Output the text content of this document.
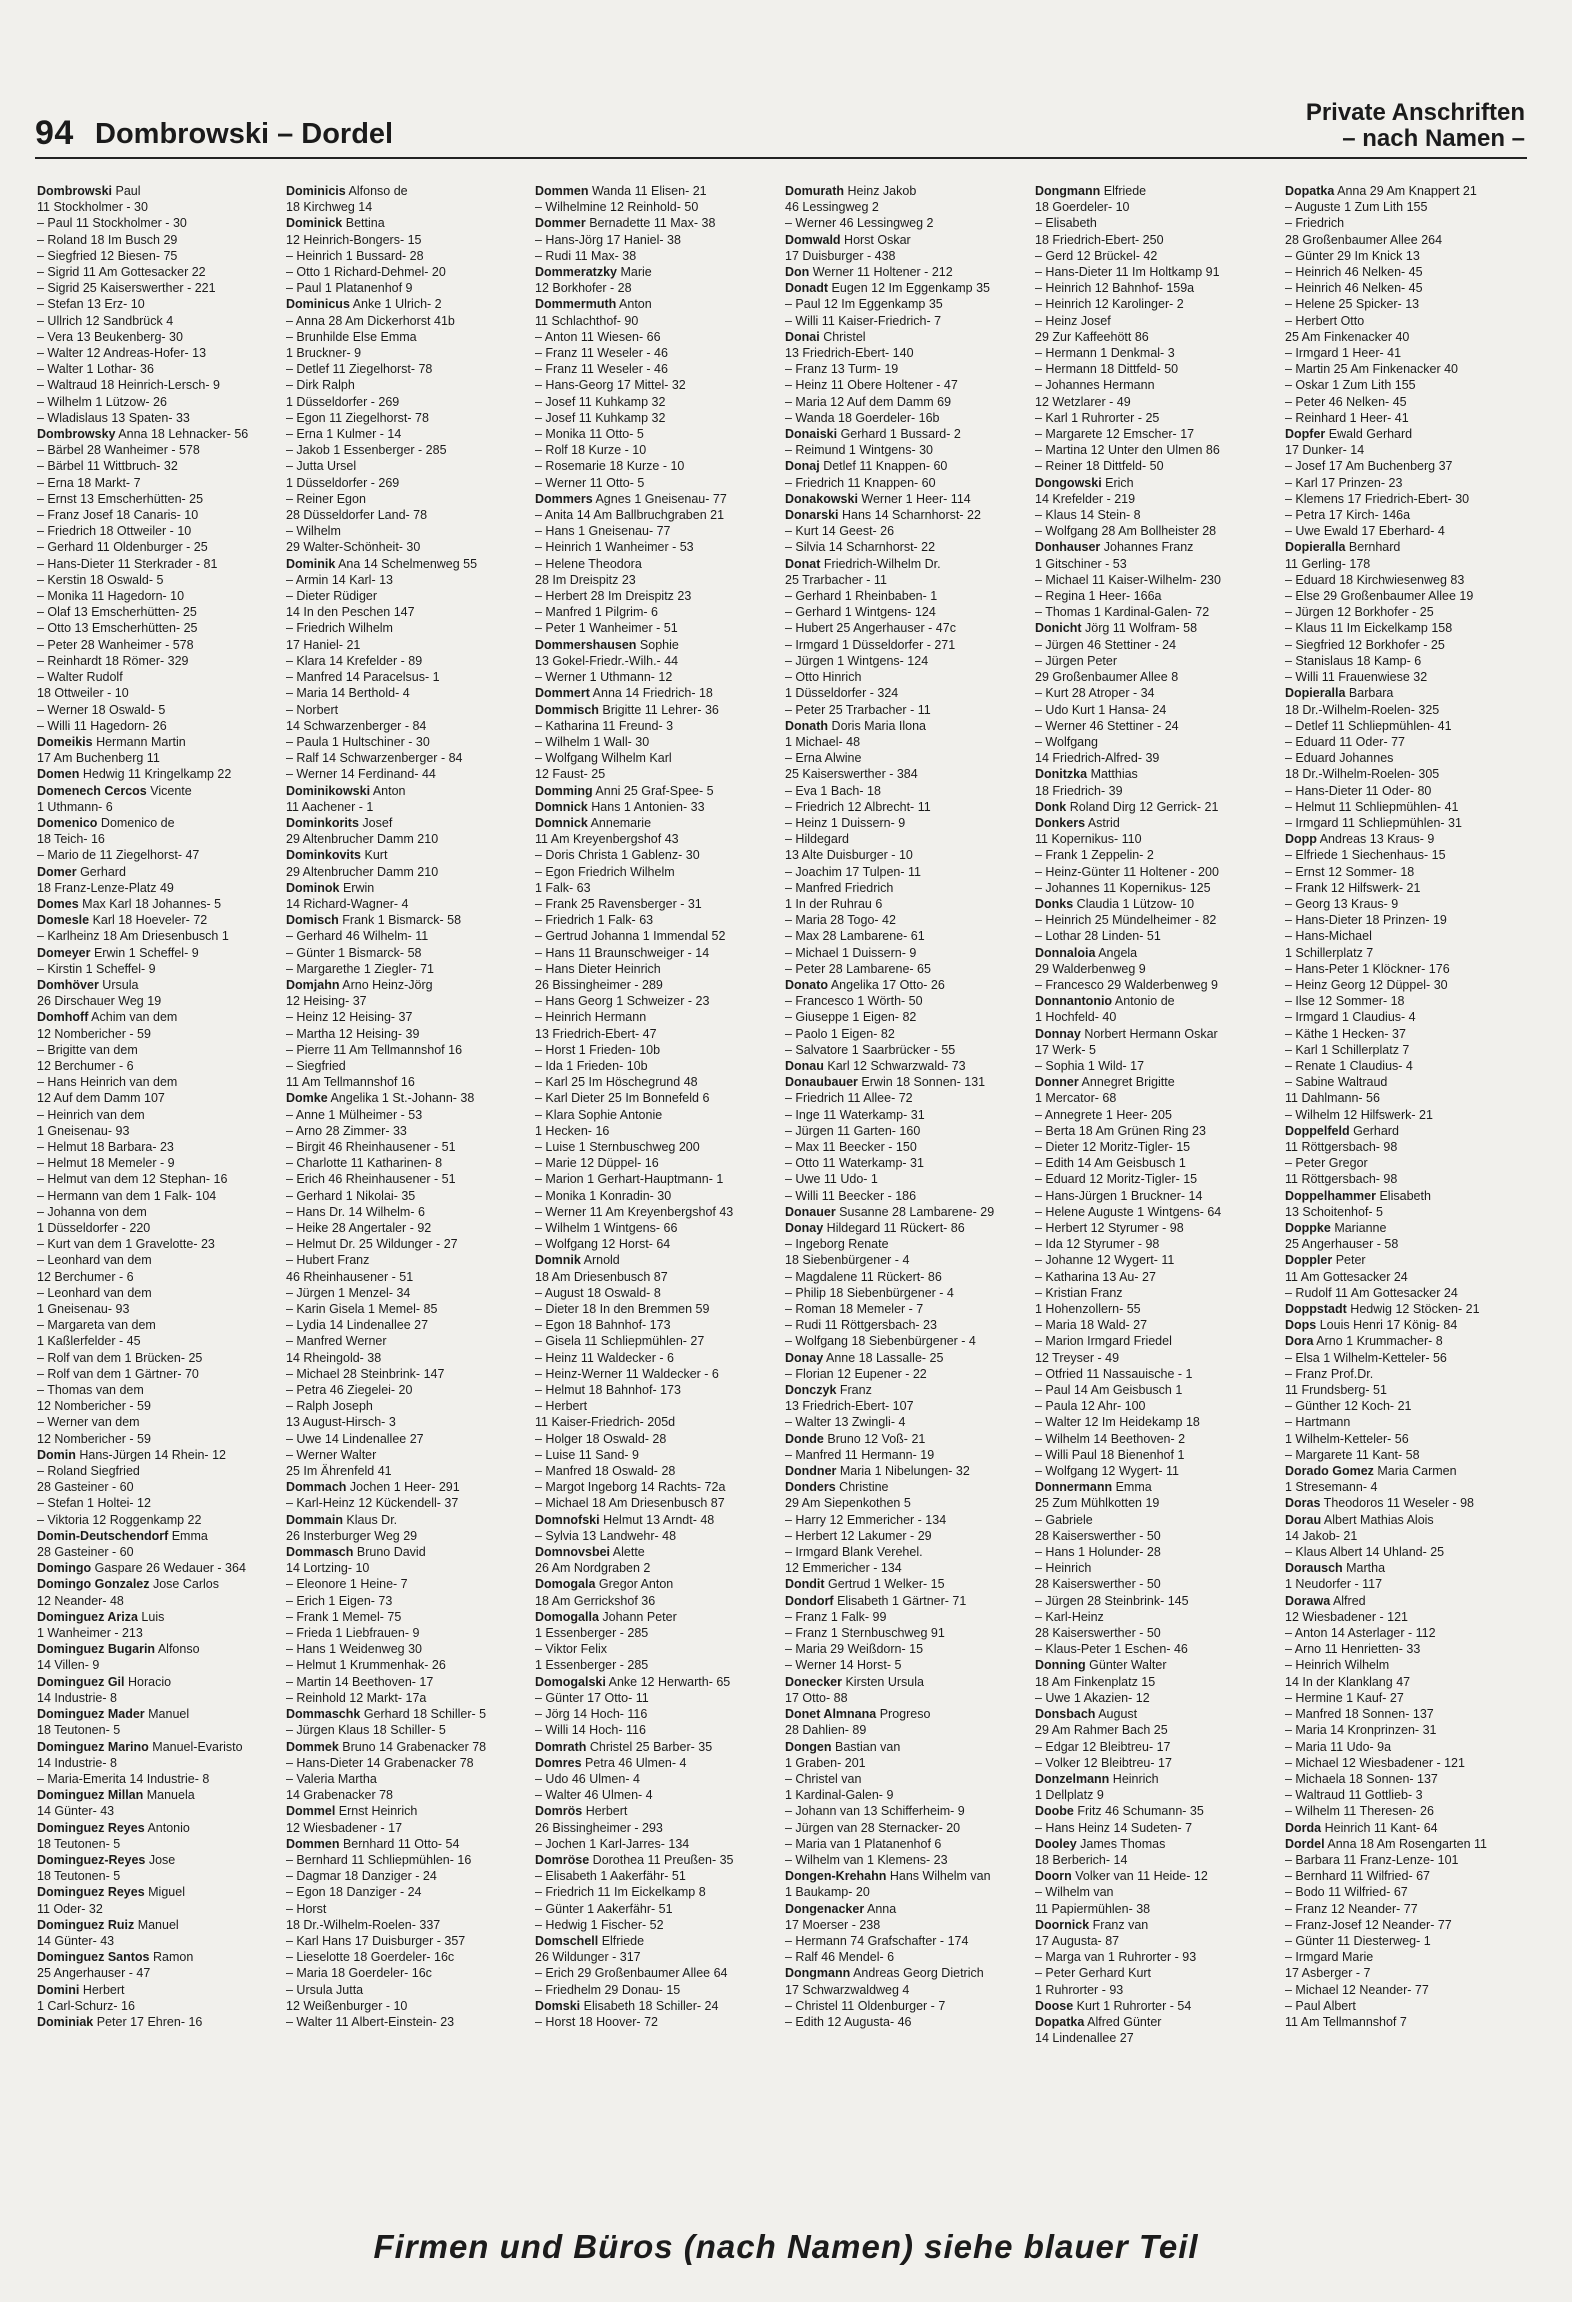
94 Dombrowski – Dordel
Private Anschriften
– nach Namen –
Dombrowski Paul
11 Stockholmer - 30
– Paul 11 Stockholmer - 30
– Roland 18 Im Busch 29
– Siegfried 12 Biesen- 75
– Sigrid 11 Am Gottesacker 22
– Sigrid 25 Kaiserswerther - 221
– Stefan 13 Erz- 10
– Ullrich 12 Sandbrück 4
– Vera 13 Beukenberg- 30
– Walter 12 Andreas-Hofer- 13
– Walter 1 Lothar- 36
– Waltraud 18 Heinrich-Lersch- 9
– Wilhelm 1 Lützow- 26
– Wladislaus 13 Spaten- 33
Dombrowsky Anna 18 Lehnacker- 56
– Bärbel 28 Wanheimer - 578
– Bärbel 11 Wittbruch- 32
– Erna 18 Markt- 7
– Ernst 13 Emscherhütten- 25
– Franz Josef 18 Canaris- 10
– Friedrich 18 Ottweiler - 10
– Gerhard 11 Oldenburger - 25
– Hans-Dieter 11 Sterkrader - 81
– Kerstin 18 Oswald- 5
– Monika 11 Hagedorn- 10
– Olaf 13 Emscherhütten- 25
– Otto 13 Emscherhütten- 25
– Peter 28 Wanheimer - 578
– Reinhardt 18 Römer- 329
– Walter Rudolf
18 Ottweiler - 10
– Werner 18 Oswald- 5
– Willi 11 Hagedorn- 26
Domeikis Hermann Martin
17 Am Buchenberg 11
Domen Hedwig 11 Kringelkamp 22
Domenech Cercos Vicente
1 Uthmann- 6
Domenico Domenico de
18 Teich- 16
– Mario de 11 Ziegelhorst- 47
Domer Gerhard
18 Franz-Lenze-Platz 49
Domes Max Karl 18 Johannes- 5
Domesle Karl 18 Hoeveler- 72
– Karlheinz 18 Am Driesenbusch 1
Domeyer Erwin 1 Scheffel- 9
– Kirstin 1 Scheffel- 9
Domhöver Ursula
26 Dirschauer Weg 19
Domhoff Achim van dem
12 Nombericher - 59
– Brigitte van dem
12 Berchumer - 6
– Hans Heinrich van dem
12 Auf dem Damm 107
– Heinrich van dem
1 Gneisenau- 93
– Helmut 18 Barbara- 23
– Helmut 18 Memeler - 9
– Helmut van dem 12 Stephan- 16
– Hermann van dem 1 Falk- 104
– Johanna von dem
1 Düsseldorfer - 220
– Kurt van dem 1 Gravelotte- 23
– Leonhard van dem
12 Berchumer - 6
– Leonhard van dem
1 Gneisenau- 93
– Margareta van dem
1 Kaßlerfelder - 45
– Rolf van dem 1 Brücken- 25
– Rolf van dem 1 Gärtner- 70
– Thomas van dem
12 Nombericher - 59
– Werner van dem
12 Nombericher - 59
Domin Hans-Jürgen 14 Rhein- 12
– Roland Siegfried
28 Gasteiner - 60
– Stefan 1 Holtei- 12
– Viktoria 12 Roggenkamp 22
Domin-Deutschendorf Emma
28 Gasteiner - 60
Domingo Gaspare 26 Wedauer - 364
Domingo Gonzalez Jose Carlos
12 Neander- 48
Dominguez Ariza Luis
1 Wanheimer - 213
Dominguez Bugarin Alfonso
14 Villen- 9
Dominguez Gil Horacio
14 Industrie- 8
Dominguez Mader Manuel
18 Teutonen- 5
Dominguez Marino Manuel-Evaristo
14 Industrie- 8
– Maria-Emerita 14 Industrie- 8
Dominguez Millan Manuela
14 Günter- 43
Dominguez Reyes Antonio
18 Teutonen- 5
Dominguez-Reyes Jose
18 Teutonen- 5
Dominguez Reyes Miguel
11 Oder- 32
Dominguez Ruiz Manuel
14 Günter- 43
Dominguez Santos Ramon
25 Angerhauser - 47
Domini Herbert
1 Carl-Schurz- 16
Dominiak Peter 17 Ehren- 16
Dominicis Alfonso de
18 Kirchweg 14
Dominick Bettina
12 Heinrich-Bongers- 15
– Heinrich 1 Bussard- 28
– Otto 1 Richard-Dehmel- 20
– Paul 1 Platanenhof 9
Dominicus Anke 1 Ulrich- 2
– Anna 28 Am Dickerhorst 41b
– Brunhilde Else Emma
1 Bruckner- 9
– Detlef 11 Ziegelhorst- 78
– Dirk Ralph
1 Düsseldorfer - 269
– Egon 11 Ziegelhorst- 78
– Erna 1 Kulmer - 14
– Jakob 1 Essenberger - 285
– Jutta Ursel
1 Düsseldorfer - 269
– Reiner Egon
28 Düsseldorfer Land- 78
– Wilhelm
29 Walter-Schönheit- 30
Dominik Ana 14 Schelmenweg 55
– Armin 14 Karl- 13
– Dieter Rüdiger
14 In den Peschen 147
– Friedrich Wilhelm
17 Haniel- 21
– Klara 14 Krefelder - 89
– Manfred 14 Paracelsus- 1
– Maria 14 Berthold- 4
– Norbert
14 Schwarzenberger - 84
– Paula 1 Hultschiner - 30
– Ralf 14 Schwarzenberger - 84
– Werner 14 Ferdinand- 44
Dominikowski Anton
11 Aachener - 1
Dominkorits Josef
29 Altenbrucher Damm 210
Dominkovits Kurt
29 Altenbrucher Damm 210
Dominok Erwin
14 Richard-Wagner- 4
Domisch Frank 1 Bismarck- 58
– Gerhard 46 Wilhelm- 11
– Günter 1 Bismarck- 58
– Margarethe 1 Ziegler- 71
Domjahn Arno Heinz-Jörg
12 Heising- 37
– Heinz 12 Heising- 37
– Martha 12 Heising- 39
– Pierre 11 Am Tellmannshof 16
– Siegfried
11 Am Tellmannshof 16
Domke Angelika 1 St.-Johann- 38
– Anne 1 Mülheimer - 53
– Arno 28 Zimmer- 33
– Birgit 46 Rheinhausener - 51
– Charlotte 11 Katharinen- 8
– Erich 46 Rheinhausener - 51
– Gerhard 1 Nikolai- 35
– Hans Dr. 14 Wilhelm- 6
– Heike 28 Angertaler - 92
– Helmut Dr. 25 Wildunger - 27
– Hubert Franz
46 Rheinhausener - 51
– Jürgen 1 Menzel- 34
– Karin Gisela 1 Memel- 85
– Lydia 14 Lindenallee 27
– Manfred Werner
14 Rheingold- 38
– Michael 28 Steinbrink- 147
– Petra 46 Ziegelei- 20
– Ralph Joseph
13 August-Hirsch- 3
– Uwe 14 Lindenallee 27
– Werner Walter
25 Im Ährenfeld 41
Dommach Jochen 1 Heer- 291
– Karl-Heinz 12 Kückendell- 37
Dommain Klaus Dr.
26 Insterburger Weg 29
Dommasch Bruno David
14 Lortzing- 10
– Eleonore 1 Heine- 7
– Erich 1 Eigen- 73
– Frank 1 Memel- 75
– Frieda 1 Liebfrauen- 9
– Hans 1 Weidenweg 30
– Helmut 1 Krummenhak- 26
– Martin 14 Beethoven- 17
– Reinhold 12 Markt- 17a
Dommaschk Gerhard 18 Schiller- 5
– Jürgen Klaus 18 Schiller- 5
Dommek Bruno 14 Grabenacker 78
– Hans-Dieter 14 Grabenacker 78
– Valeria Martha
14 Grabenacker 78
Dommel Ernst Heinrich
12 Wiesbadener - 17
Dommen Bernhard 11 Otto- 54
– Bernhard 11 Schliepmühlen- 16
– Dagmar 18 Danziger - 24
– Egon 18 Danziger - 24
– Horst
18 Dr.-Wilhelm-Roelen- 337
– Karl Hans 17 Duisburger - 357
– Lieselotte 18 Goerdeler- 16c
– Maria 18 Goerdeler- 16c
– Ursula Jutta
12 Weißenburger - 10
– Walter 11 Albert-Einstein- 23
Dommen Wanda 11 Elisen- 21
– Wilhelmine 12 Reinhold- 50
Dommer Bernadette 11 Max- 38
– Hans-Jörg 17 Haniel- 38
– Rudi 11 Max- 38
Dommeratzky Marie
12 Borkhofer - 28
Dommermuth Anton
11 Schlachthof- 90
– Anton 11 Wiesen- 66
– Franz 11 Weseler - 46
– Franz 11 Weseler - 46
– Hans-Georg 17 Mittel- 32
– Josef 11 Kuhkamp 32
– Josef 11 Kuhkamp 32
– Monika 11 Otto- 5
– Rolf 18 Kurze - 10
– Rosemarie 18 Kurze - 10
– Werner 11 Otto- 5
Dommers Agnes 1 Gneisenau- 77
– Anita 14 Am Ballbruchgraben 21
– Hans 1 Gneisenau- 77
– Heinrich 1 Wanheimer - 53
– Helene Theodora
28 Im Dreispitz 23
– Herbert 28 Im Dreispitz 23
– Manfred 1 Pilgrim- 6
– Peter 1 Wanheimer - 51
Dommershausen Sophie
13 Gokel-Friedr.-Wilh.- 44
– Werner 1 Uthmann- 12
Dommert Anna 14 Friedrich- 18
Dommisch Brigitte 11 Lehrer- 36
– Katharina 11 Freund- 3
– Wilhelm 1 Wall- 30
– Wolfgang Wilhelm Karl
12 Faust- 25
Domming Anni 25 Graf-Spee- 5
Domnick Hans 1 Antonien- 33
Domnick Annemarie
11 Am Kreyenbergshof 43
– Doris Christa 1 Gablenz- 30
– Egon Friedrich Wilhelm
1 Falk- 63
– Frank 25 Ravensberger - 31
– Friedrich 1 Falk- 63
– Gertrud Johanna 1 Immendal 52
– Hans 11 Braunschweiger - 14
– Hans Dieter Heinrich
26 Bissingheimer - 289
– Hans Georg 1 Schweizer - 23
– Heinrich Hermann
13 Friedrich-Ebert- 47
– Horst 1 Frieden- 10b
– Ida 1 Frieden- 10b
– Karl 25 Im Höschegrund 48
– Karl Dieter 25 Im Bonnefeld 6
– Klara Sophie Antonie
1 Hecken- 16
– Luise 1 Sternbuschweg 200
– Marie 12 Düppel- 16
– Marion 1 Gerhart-Hauptmann- 1
– Monika 1 Konradin- 30
– Werner 11 Am Kreyenbergshof 43
– Wilhelm 1 Wintgens- 66
– Wolfgang 12 Horst- 64
Domnik Arnold
18 Am Driesenbusch 87
– August 18 Oswald- 8
– Dieter 18 In den Bremmen 59
– Egon 18 Bahnhof- 173
– Gisela 11 Schliepmühlen- 27
– Heinz 11 Waldecker - 6
– Heinz-Werner 11 Waldecker - 6
– Helmut 18 Bahnhof- 173
– Herbert
11 Kaiser-Friedrich- 205d
– Holger 18 Oswald- 28
– Luise 11 Sand- 9
– Manfred 18 Oswald- 28
– Margot Ingeborg 14 Rachts- 72a
– Michael 18 Am Driesenbusch 87
Domnofski Helmut 13 Arndt- 48
– Sylvia 13 Landwehr- 48
Domnovsbei Alette
26 Am Nordgraben 2
Domogala Gregor Anton
18 Am Gerrickshof 36
Domogalla Johann Peter
1 Essenberger - 285
– Viktor Felix
1 Essenberger - 285
Domogalski Anke 12 Herwarth- 65
– Günter 17 Otto- 11
– Jörg 14 Hoch- 116
– Willi 14 Hoch- 116
Domrath Christel 25 Barber- 35
Domres Petra 46 Ulmen- 4
– Udo 46 Ulmen- 4
– Walter 46 Ulmen- 4
Domrös Herbert
26 Bissingheimer - 293
– Jochen 1 Karl-Jarres- 134
Domröse Dorothea 11 Preußen- 35
– Elisabeth 1 Aakerfähr- 51
– Friedrich 11 Im Eickelkamp 8
– Günter 1 Aakerfähr- 51
– Hedwig 1 Fischer- 52
Domschell Elfriede
26 Wildunger - 317
– Erich 29 Großenbaumer Allee 64
– Friedhelm 29 Donau- 15
Domski Elisabeth 18 Schiller- 24
– Horst 18 Hoover- 72
Domurath Heinz Jakob
46 Lessingweg 2
– Werner 46 Lessingweg 2
Domwald Horst Oskar
17 Duisburger - 438
Don Werner 11 Holtener - 212
Donadt Eugen 12 Im Eggenkamp 35
– Paul 12 Im Eggenkamp 35
– Willi 11 Kaiser-Friedrich- 7
Donai Christel
13 Friedrich-Ebert- 140
– Franz 13 Turm- 19
– Heinz 11 Obere Holtener - 47
– Maria 12 Auf dem Damm 69
– Wanda 18 Goerdeler- 16b
Donaiski Gerhard 1 Bussard- 2
– Reimund 1 Wintgens- 30
Donaj Detlef 11 Knappen- 60
– Friedrich 11 Knappen- 60
Donakowski Werner 1 Heer- 114
Donarski Hans 14 Scharnhorst- 22
– Kurt 14 Geest- 26
– Silvia 14 Scharnhorst- 22
Donat Friedrich-Wilhelm Dr.
25 Trarbacher - 11
– Gerhard 1 Rheinbaben- 1
– Gerhard 1 Wintgens- 124
– Hubert 25 Angerhauser - 47c
– Irmgard 1 Düsseldorfer - 271
– Jürgen 1 Wintgens- 124
– Otto Hinrich
1 Düsseldorfer - 324
– Peter 25 Trarbacher - 11
Donath Doris Maria Ilona
1 Michael- 48
– Erna Alwine
25 Kaiserswerther - 384
– Eva 1 Bach- 18
– Friedrich 12 Albrecht- 11
– Heinz 1 Duissern- 9
– Hildegard
13 Alte Duisburger - 10
– Joachim 17 Tulpen- 11
– Manfred Friedrich
1 In der Ruhrau 6
– Maria 28 Togo- 42
– Max 28 Lambarene- 61
– Michael 1 Duissern- 9
– Peter 28 Lambarene- 65
Donato Angelika 17 Otto- 26
– Francesco 1 Wörth- 50
– Giuseppe 1 Eigen- 82
– Paolo 1 Eigen- 82
– Salvatore 1 Saarbrücker - 55
Donau Karl 12 Schwarzwald- 73
Donaubauer Erwin 18 Sonnen- 131
– Friedrich 11 Allee- 72
– Inge 11 Waterkamp- 31
– Jürgen 11 Garten- 160
– Max 11 Beecker - 150
– Otto 11 Waterkamp- 31
– Uwe 11 Udo- 1
– Willi 11 Beecker - 186
Donauer Susanne 28 Lambarene- 29
Donay Hildegard 11 Rückert- 86
– Ingeborg Renate
18 Siebenbürgener - 4
– Magdalene 11 Rückert- 86
– Philip 18 Siebenbürgener - 4
– Roman 18 Memeler - 7
– Rudi 11 Röttgersbach- 23
– Wolfgang 18 Siebenbürgener - 4
Donay Anne 18 Lassalle- 25
– Florian 12 Eupener - 22
Donczyk Franz
13 Friedrich-Ebert- 107
– Walter 13 Zwingli- 4
Donde Bruno 12 Voß- 21
– Manfred 11 Hermann- 19
Dondner Maria 1 Nibelungen- 32
Donders Christine
29 Am Siepenkothen 5
– Harry 12 Emmericher - 134
– Herbert 12 Lakumer - 29
– Irmgard Blank Verehel.
12 Emmericher - 134
Dondit Gertrud 1 Welker- 15
Dondorf Elisabeth 1 Gärtner- 71
– Franz 1 Falk- 99
– Franz 1 Sternbuschweg 91
– Maria 29 Weißdorn- 15
– Werner 14 Horst- 5
Donecker Kirsten Ursula
17 Otto- 88
Donet Almnana Progreso
28 Dahlien- 89
Dongen Bastian van
1 Graben- 201
– Christel van
1 Kardinal-Galen- 9
– Johann van 13 Schifferheim- 9
– Jürgen van 28 Sternacker- 20
– Maria van 1 Platanenhof 6
– Wilhelm van 1 Klemens- 23
Dongen-Krehahn Hans Wilhelm van
1 Baukamp- 20
Dongenacker Anna
17 Moerser - 238
– Hermann 74 Grafschafter - 174
– Ralf 46 Mendel- 6
Dongmann Andreas Georg Dietrich
17 Schwarzwaldweg 4
– Christel 11 Oldenburger - 7
– Edith 12 Augusta- 46
Dongmann Elfriede
18 Goerdeler- 10
– Elisabeth
18 Friedrich-Ebert- 250
– Gerd 12 Brückel- 42
– Hans-Dieter 11 Im Holtkamp 91
– Heinrich 12 Bahnhof- 159a
– Heinrich 12 Karolinger- 2
– Heinz Josef
29 Zur Kaffeehött 86
– Hermann 1 Denkmal- 3
– Hermann 18 Dittfeld- 50
– Johannes Hermann
12 Wetzlarer - 49
– Karl 1 Ruhrorter - 25
– Margarete 12 Emscher- 17
– Martina 12 Unter den Ulmen 86
– Reiner 18 Dittfeld- 50
Dongowski Erich
14 Krefelder - 219
– Klaus 14 Stein- 8
– Wolfgang 28 Am Bollheister 28
Donhauser Johannes Franz
1 Gitschiner - 53
– Michael 11 Kaiser-Wilhelm- 230
– Regina 1 Heer- 166a
– Thomas 1 Kardinal-Galen- 72
Donicht Jörg 11 Wolfram- 58
– Jürgen 46 Stettiner - 24
– Jürgen Peter
29 Großenbaumer Allee 8
– Kurt 28 Atroper - 34
– Udo Kurt 1 Hansa- 24
– Werner 46 Stettiner - 24
– Wolfgang
14 Friedrich-Alfred- 39
Donitzka Matthias
18 Friedrich- 39
Donk Roland Dirg 12 Gerrick- 21
Donkers Astrid
11 Kopernikus- 110
– Frank 1 Zeppelin- 2
– Heinz-Günter 11 Holtener - 200
– Johannes 11 Kopernikus- 125
Donks Claudia 1 Lützow- 10
– Heinrich 25 Mündelheimer - 82
– Lothar 28 Linden- 51
Donnaloia Angela
29 Walderbenweg 9
– Francesco 29 Walderbenweg 9
Donnantonio Antonio de
1 Hochfeld- 40
Donnay Norbert Hermann Oskar
17 Werk- 5
– Sophia 1 Wild- 17
Donner Annegret Brigitte
1 Mercator- 68
– Annegrete 1 Heer- 205
– Berta 18 Am Grünen Ring 23
– Dieter 12 Moritz-Tigler- 15
– Edith 14 Am Geisbusch 1
– Eduard 12 Moritz-Tigler- 15
– Hans-Jürgen 1 Bruckner- 14
– Helene Auguste 1 Wintgens- 64
– Herbert 12 Styrumer - 98
– Ida 12 Styrumer - 98
– Johanne 12 Wygert- 11
– Katharina 13 Au- 27
– Kristian Franz
1 Hohenzollern- 55
– Maria 18 Wald- 27
– Marion Irmgard Friedel
12 Treyser - 49
– Otfried 11 Nassauische - 1
– Paul 14 Am Geisbusch 1
– Paula 12 Ahr- 100
– Walter 12 Im Heidekamp 18
– Wilhelm 14 Beethoven- 2
– Willi Paul 18 Bienenhof 1
– Wolfgang 12 Wygert- 11
Donnermann Emma
25 Zum Mühlkotten 19
– Gabriele
28 Kaiserswerther - 50
– Hans 1 Holunder- 28
– Heinrich
28 Kaiserswerther - 50
– Jürgen 28 Steinbrink- 145
– Karl-Heinz
28 Kaiserswerther - 50
– Klaus-Peter 1 Eschen- 46
Donning Günter Walter
18 Am Finkenplatz 15
– Uwe 1 Akazien- 12
Donsbach August
29 Am Rahmer Bach 25
– Edgar 12 Bleibtreu- 17
– Volker 12 Bleibtreu- 17
Donzelmann Heinrich
1 Dellplatz 9
Doobe Fritz 46 Schumann- 35
– Hans Heinz 14 Sudeten- 7
Dooley James Thomas
18 Berberich- 14
Doorn Volker van 11 Heide- 12
– Wilhelm van
11 Papiermühlen- 38
Doornick Franz van
17 Augusta- 87
– Marga van 1 Ruhrorter - 93
– Peter Gerhard Kurt
1 Ruhrorter - 93
Doose Kurt 1 Ruhrorter - 54
Dopatka Alfred Günter
14 Lindenallee 27
Dopatka Anna 29 Am Knappert 21
– Auguste 1 Zum Lith 155
– Friedrich
28 Großenbaumer Allee 264
– Günter 29 Im Knick 13
– Heinrich 46 Nelken- 45
– Heinrich 46 Nelken- 45
– Helene 25 Spicker- 13
– Herbert Otto
25 Am Finkenacker 40
– Irmgard 1 Heer- 41
– Martin 25 Am Finkenacker 40
– Oskar 1 Zum Lith 155
– Peter 46 Nelken- 45
– Reinhard 1 Heer- 41
Dopfer Ewald Gerhard
17 Dunker- 14
– Josef 17 Am Buchenberg 37
– Karl 17 Prinzen- 23
– Klemens 17 Friedrich-Ebert- 30
– Petra 17 Kirch- 146a
– Uwe Ewald 17 Eberhard- 4
Dopieralla Bernhard
11 Gerling- 178
– Eduard 18 Kirchwiesenweg 83
– Else 29 Großenbaumer Allee 19
– Jürgen 12 Borkhofer - 25
– Klaus 11 Im Eickelkamp 158
– Siegfried 12 Borkhofer - 25
– Stanislaus 18 Kamp- 6
– Willi 11 Frauenwiese 32
Dopieralla Barbara
18 Dr.-Wilhelm-Roelen- 325
– Detlef 11 Schliepmühlen- 41
– Eduard 11 Oder- 77
– Eduard Johannes
18 Dr.-Wilhelm-Roelen- 305
– Hans-Dieter 11 Oder- 80
– Helmut 11 Schliepmühlen- 41
– Irmgard 11 Schliepmühlen- 31
Dopp Andreas 13 Kraus- 9
– Elfriede 1 Siechenhaus- 15
– Ernst 12 Sommer- 18
– Frank 12 Hilfswerk- 21
– Georg 13 Kraus- 9
– Hans-Dieter 18 Prinzen- 19
– Hans-Michael
1 Schillerplatz 7
– Hans-Peter 1 Klöckner- 176
– Heinz Georg 12 Düppel- 30
– Ilse 12 Sommer- 18
– Irmgard 1 Claudius- 4
– Käthe 1 Hecken- 37
– Karl 1 Schillerplatz 7
– Renate 1 Claudius- 4
– Sabine Waltraud
11 Dahlmann- 56
– Wilhelm 12 Hilfswerk- 21
Doppelfeld Gerhard
11 Röttgersbach- 98
– Peter Gregor
11 Röttgersbach- 98
Doppelhammer Elisabeth
13 Schoitenhof- 5
Doppke Marianne
25 Angerhauser - 58
Doppler Peter
11 Am Gottesacker 24
– Rudolf 11 Am Gottesacker 24
Doppstadt Hedwig 12 Stöcken- 21
Dops Louis Henri 17 König- 84
Dora Arno 1 Krummacher- 8
– Elsa 1 Wilhelm-Ketteler- 56
– Franz Prof.Dr.
11 Frundsberg- 51
– Günther 12 Koch- 21
– Hartmann
1 Wilhelm-Ketteler- 56
– Margarete 11 Kant- 58
Dorado Gomez Maria Carmen
1 Stresemann- 4
Doras Theodoros 11 Weseler - 98
Dorau Albert Mathias Alois
14 Jakob- 21
– Klaus Albert 14 Uhland- 25
Dorausch Martha
1 Neudorfer - 117
Dorawa Alfred
12 Wiesbadener - 121
– Anton 14 Asterlager - 112
– Arno 11 Henrietten- 33
– Heinrich Wilhelm
14 In der Klanklang 47
– Hermine 1 Kauf- 27
– Manfred 18 Sonnen- 137
– Maria 14 Kronprinzen- 31
– Maria 11 Udo- 9a
– Michael 12 Wiesbadener - 121
– Michaela 18 Sonnen- 137
– Waltraud 11 Gottlieb- 3
– Wilhelm 11 Theresen- 26
Dorda Heinrich 11 Kant- 64
Dordel Anna 18 Am Rosengarten 11
– Barbara 11 Franz-Lenze- 101
– Bernhard 11 Wilfried- 67
– Bodo 11 Wilfried- 67
– Franz 12 Neander- 77
– Franz-Josef 12 Neander- 77
– Günter 11 Diesterweg- 1
– Irmgard Marie
17 Asberger - 7
– Michael 12 Neander- 77
– Paul Albert
11 Am Tellmannshof 7
Firmen und Büros (nach Namen) siehe blauer Teil
